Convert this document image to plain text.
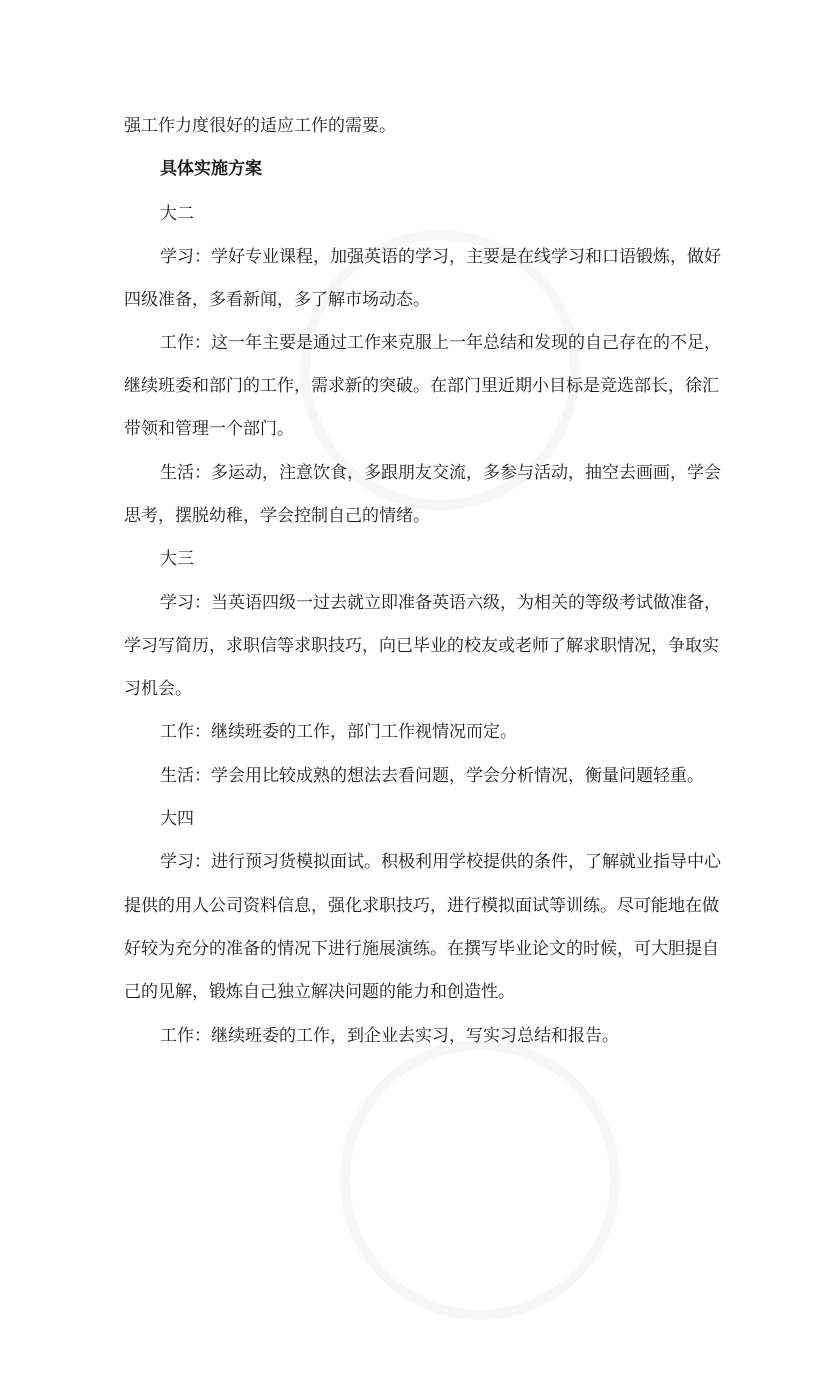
强工作力度很好的适应工作的需要。
具体实施方案
大二
学习：学好专业课程，加强英语的学习，主要是在线学习和口语锻炼，做好
四级准备，多看新闻，多了解市场动态。
工作：这一年主要是通过工作来克服上一年总结和发现的自己存在的不足，
继续班委和部门的工作，需求新的突破。在部门里近期小目标是竞选部长，徐汇
带领和管理一个部门。
生活：多运动，注意饮食，多跟朋友交流，多参与活动，抽空去画画，学会
思考，摆脱幼稚，学会控制自己的情绪。
大三
学习：当英语四级一过去就立即准备英语六级，为相关的等级考试做准备，
学习写简历，求职信等求职技巧，向已毕业的校友或老师了解求职情况，争取实
习机会。
工作：继续班委的工作，部门工作视情况而定。
生活：学会用比较成熟的想法去看问题，学会分析情况，衡量问题轻重。
大四
学习：进行预习货模拟面试。积极利用学校提供的条件，了解就业指导中心
提供的用人公司资料信息，强化求职技巧，进行模拟面试等训练。尽可能地在做
好较为充分的准备的情况下进行施展演练。在撰写毕业论文的时候，可大胆提自
己的见解，锻炼自己独立解决问题的能力和创造性。
工作：继续班委的工作，到企业去实习，写实习总结和报告。
